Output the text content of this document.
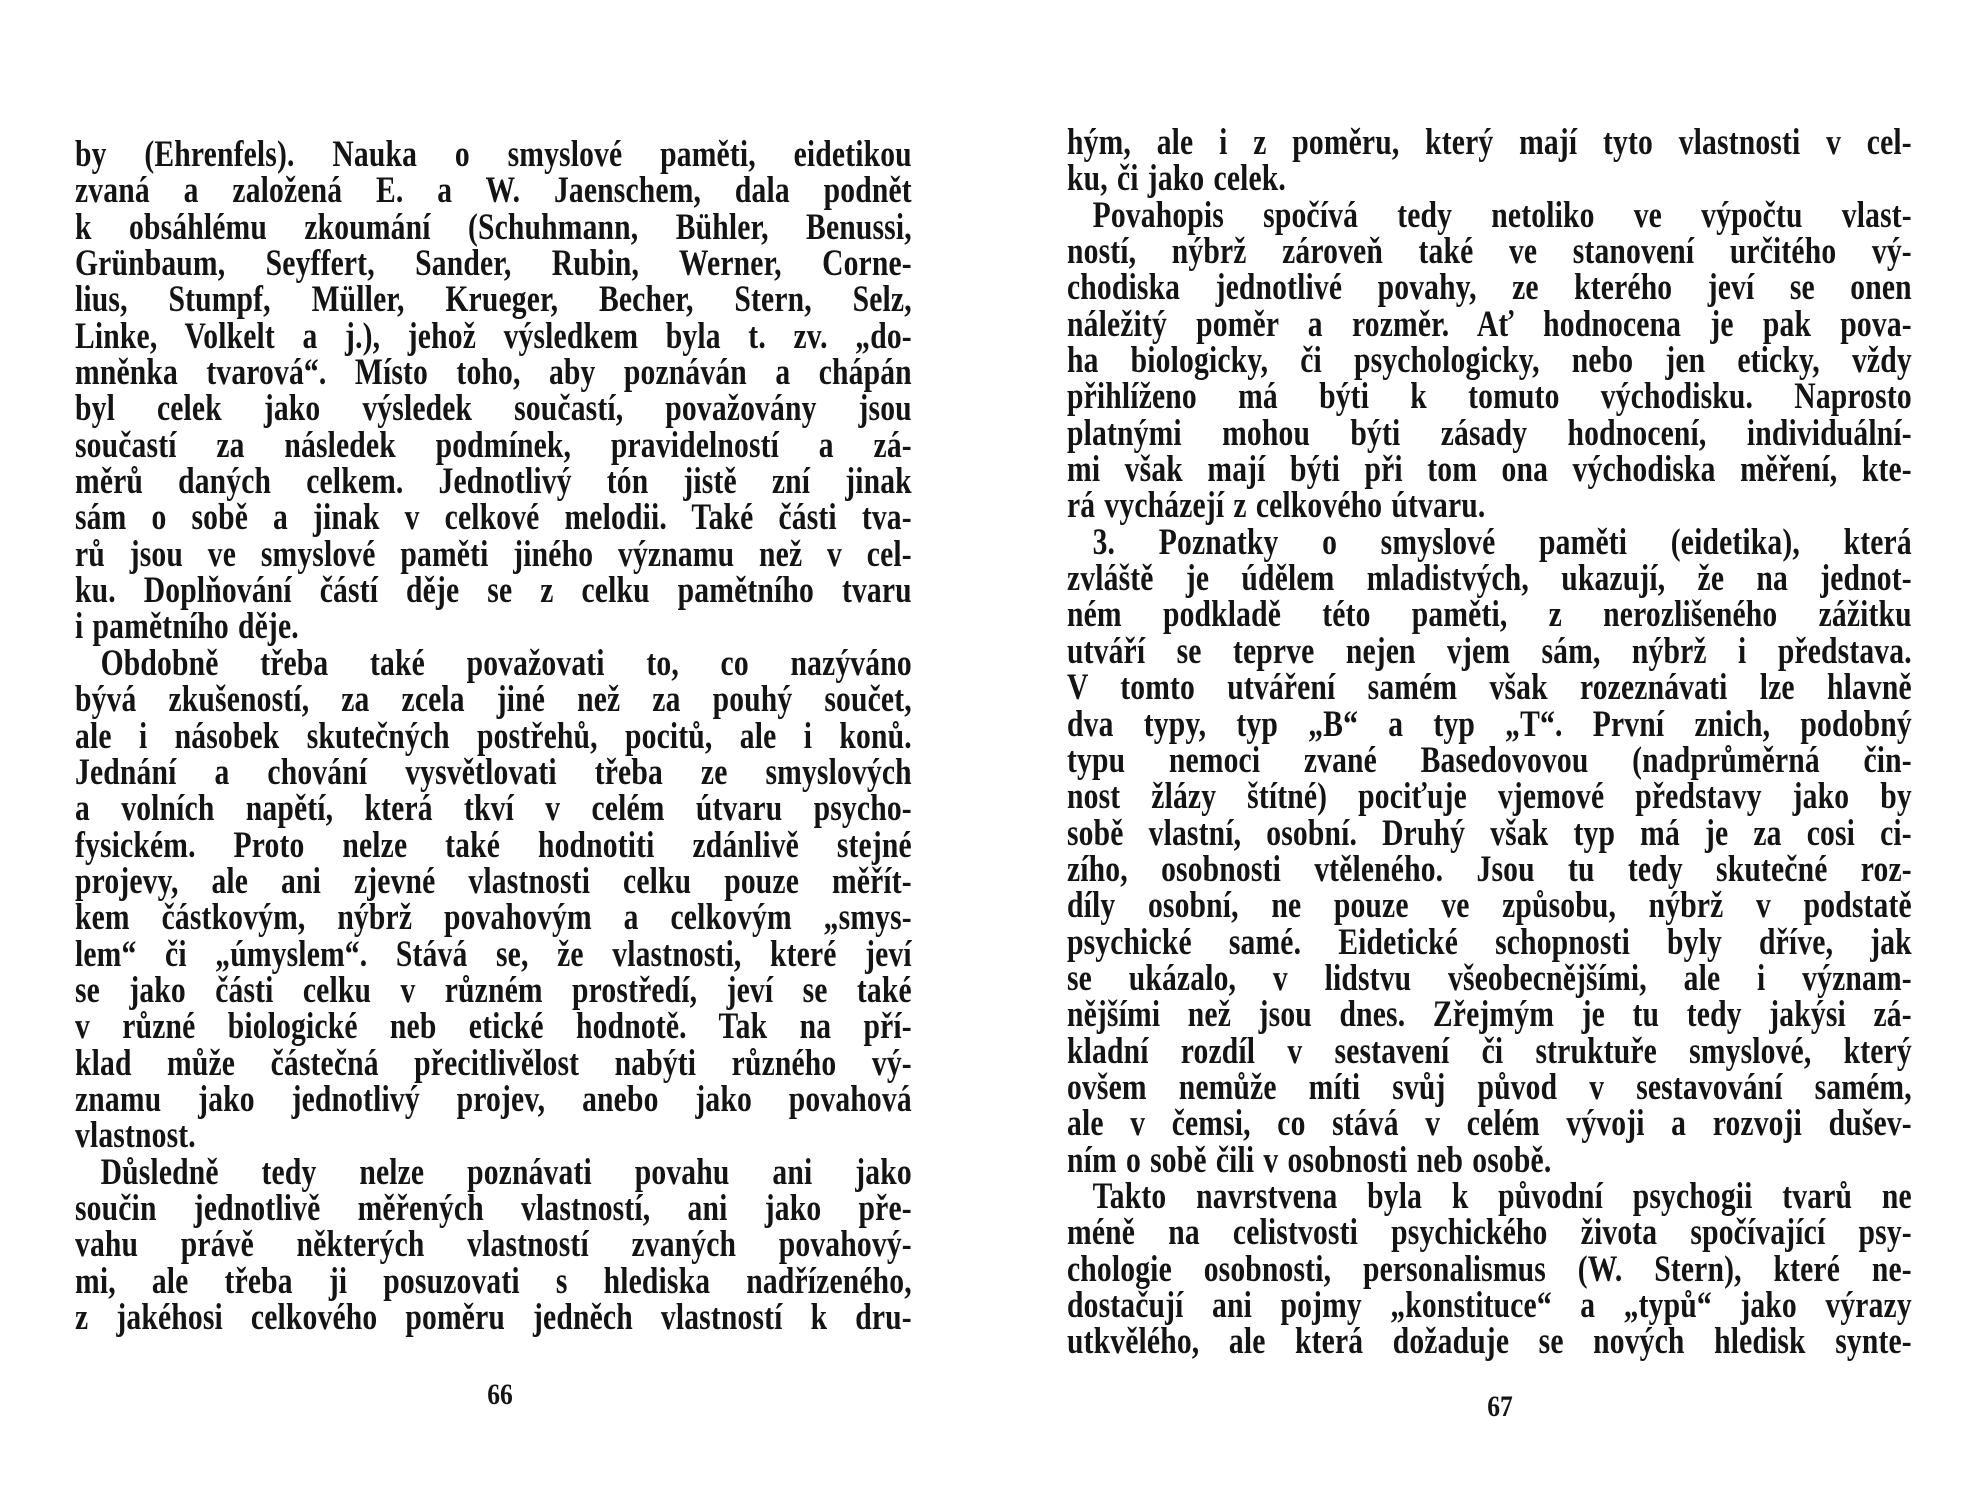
by (Ehrenfels). Nauka o smyslové paměti, eidetikou
zvaná a založená E. a W. Jaenschem, dala podnět
k obsáhlému zkoumání (Schuhmann, Bühler, Benussi,
Grünbaum, Seyffert, Sander, Rubin, Werner, Corne-
lius, Stumpf, Müller, Krueger, Becher, Stern, Selz,
Linke, Volkelt a j.), jehož výsledkem byla t. zv. „do-
mněnka tvarová“. Místo toho, aby poznáván a chápán
byl celek jako výsledek součastí, považovány jsou
součastí za následek podmínek, pravidelností a zá-
měrů daných celkem. Jednotlivý tón jistě zní jinak
sám o sobě a jinak v celkové melodii. Také části tva-
rů jsou ve smyslové paměti jiného významu než v cel-
ku. Doplňování částí děje se z celku pamětního tvaru
i pamětního děje.
Obdobně třeba také považovati to, co nazýváno
bývá zkušeností, za zcela jiné než za pouhý součet,
ale i násobek skutečných postřehů, pocitů, ale i konů.
Jednání a chování vysvětlovati třeba ze smyslových
a volních napětí, která tkví v celém útvaru psycho-
fysickém. Proto nelze také hodnotiti zdánlivě stejné
projevy, ale ani zjevné vlastnosti celku pouze měřít-
kem částkovým, nýbrž povahovým a celkovým „smys-
lem“ či „úmyslem“. Stává se, že vlastnosti, které jeví
se jako části celku v různém prostředí, jeví se také
v různé biologické neb etické hodnotě. Tak na pří-
klad může částečná přecitlivělost nabýti různého vý-
znamu jako jednotlivý projev, anebo jako povahová
vlastnost.
Důsledně tedy nelze poznávati povahu ani jako
součin jednotlivě měřených vlastností, ani jako pře-
vahu právě některých vlastností zvaných povahový-
mi, ale třeba ji posuzovati s hlediska nadřízeného,
z jakéhosi celkového poměru jedněch vlastností k dru-
66
hým, ale i z poměru, který mají tyto vlastnosti v cel-
ku, či jako celek.
Povahopis spočívá tedy netoliko ve výpočtu vlast-
ností, nýbrž zároveň také ve stanovení určitého vý-
chodiska jednotlivé povahy, ze kterého jeví se onen
náležitý poměr a rozměr. Ať hodnocena je pak pova-
ha biologicky, či psychologicky, nebo jen eticky, vždy
přihlíženo má býti k tomuto východisku. Naprosto
platnými mohou býti zásady hodnocení, individuální-
mi však mají býti při tom ona východiska měření, kte-
rá vycházejí z celkového útvaru.
3. Poznatky o smyslové paměti (eidetika), která
zvláště je údělem mladistvých, ukazují, že na jednot-
ném podkladě této paměti, z nerozlišeného zážitku
utváří se teprve nejen vjem sám, nýbrž i představa.
V tomto utváření samém však rozeznávati lze hlavně
dva typy, typ „B“ a typ „T“. První znich, podobný
typu nemoci zvané Basedovovou (nadprůměrná čin-
nost žlázy štítné) pociťuje vjemové představy jako by
sobě vlastní, osobní. Druhý však typ má je za cosi ci-
zího, osobnosti vtěleného. Jsou tu tedy skutečné roz-
díly osobní, ne pouze ve způsobu, nýbrž v podstatě
psychické samé. Eidetické schopnosti byly dříve, jak
se ukázalo, v lidstvu všeobecnějšími, ale i význam-
nějšími než jsou dnes. Zřejmým je tu tedy jakýsi zá-
kladní rozdíl v sestavení či struktuře smyslové, který
ovšem nemůže míti svůj původ v sestavování samém,
ale v čemsi, co stává v celém vývoji a rozvoji dušev-
ním o sobě čili v osobnosti neb osobě.
Takto navrstvena byla k původní psychogii tvarů ne
méně na celistvosti psychického života spočívající psy-
chologie osobnosti, personalismus (W. Stern), které ne-
dostačují ani pojmy „konstituce“ a „typů“ jako výrazy
utkvělého, ale která dožaduje se nových hledisk synte-
67
